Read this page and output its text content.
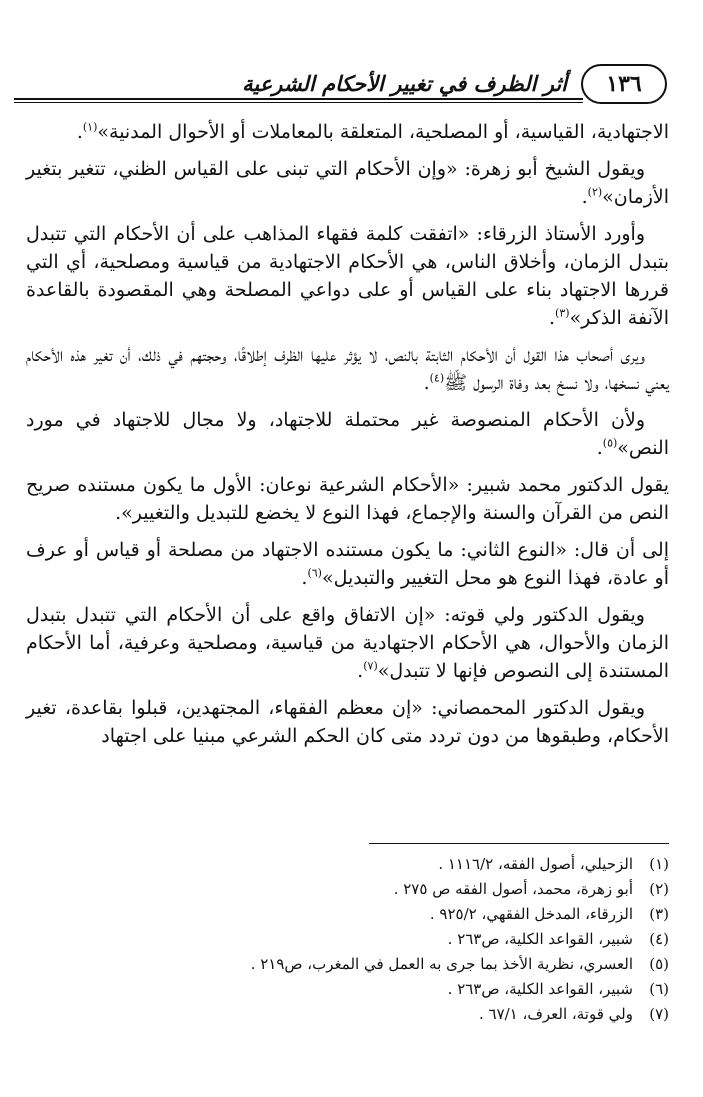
١٣٦
أثر الظرف في تغيير الأحكام الشرعية

الاجتهادية، القياسية، أو المصلحية، المتعلقة بالمعاملات أو الأحوال المدنية»$^{(١)}$.

ويقول الشيخ أبو زهرة: «وإن الأحكام التي تبنى على القياس الظني، تتغير بتغير الأزمان»$^{(٢)}$.

وأورد الأستاذ الزرقاء: «اتفقت كلمة فقهاء المذاهب على أن الأحكام التي تتبدل بتبدل الزمان، وأخلاق الناس، هي الأحكام الاجتهادية من قياسية ومصلحية، أي التي قررها الاجتهاد بناء على القياس أو على دواعي المصلحة وهي المقصودة بالقاعدة الآنفة الذكر»$^{(٣)}$.

ويرى أصحاب هذا القول أن الأحكام الثابتة بالنص، لا يؤثر عليها الظرف إطلاقًا، وحجتهم في ذلك، أن تغير هذه الأحكام يعني نسخها، ولا نسخ بعد وفاة الرسول ﷺ$^{(٤)}$.

ولأن الأحكام المنصوصة غير محتملة للاجتهاد، ولا مجال للاجتهاد في مورد النص»$^{(٥)}$.

يقول الدكتور محمد شبير: «الأحكام الشرعية نوعان: الأول ما يكون مستنده صريح النص من القرآن والسنة والإجماع، فهذا النوع لا يخضع للتبديل والتغيير».

إلى أن قال: «النوع الثاني: ما يكون مستنده الاجتهاد من مصلحة أو قياس أو عرف أو عادة، فهذا النوع هو محل التغيير والتبديل»$^{(٦)}$.

ويقول الدكتور ولي قوته: «إن الاتفاق واقع على أن الأحكام التي تتبدل بتبدل الزمان والأحوال، هي الأحكام الاجتهادية من قياسية، ومصلحية وعرفية، أما الأحكام المستندة إلى النصوص فإنها لا تتبدل»$^{(٧)}$.

ويقول الدكتور المحمصاني: «إن معظم الفقهاء، المجتهدين، قبلوا بقاعدة، تغير الأحكام، وطبقوها من دون تردد متى كان الحكم الشرعي مبنيا على اجتهاد

(١)
الزحيلي، أصول الفقه، ١١١٦/٢ .
(٢)
أبو زهرة، محمد، أصول الفقه ص ٢٧٥ .
(٣)
الزرقاء، المدخل الفقهي، ٩٢٥/٢ .
(٤)
شبير، القواعد الكلية، ص٢٦٣ .
(٥)
العسري، نظرية الأخذ بما جرى به العمل في المغرب، ص٢١٩ .
(٦)
شبير، القواعد الكلية، ص٢٦٣ .
(٧)
ولي قوتة، العرف، ٦٧/١ .
